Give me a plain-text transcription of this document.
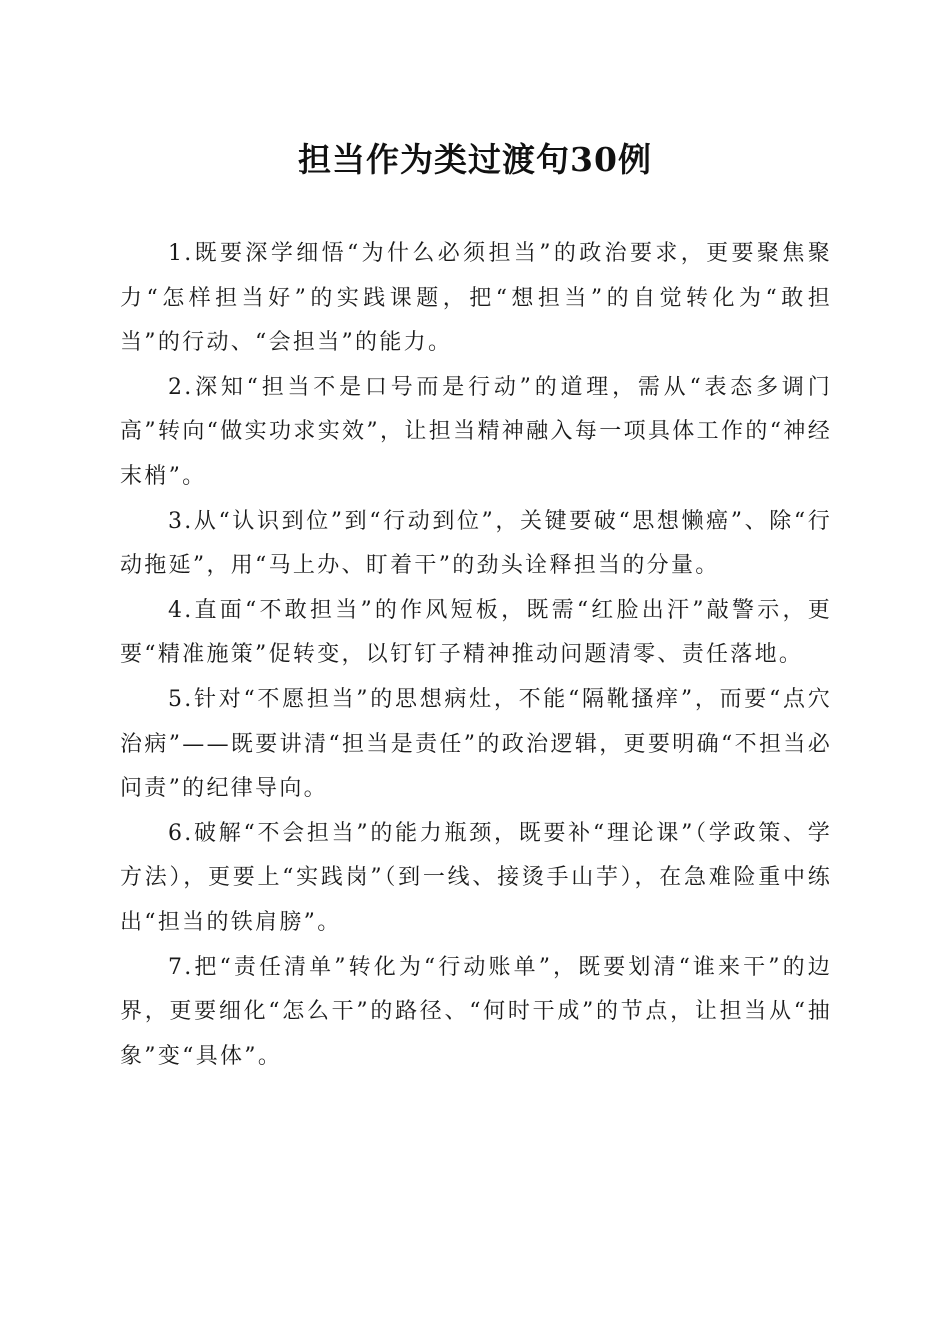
担当作为类过渡句30例

1.既要深学细悟“为什么必须担当”的政治要求，更要聚焦聚力“怎样担当好”的实践课题，把“想担当”的自觉转化为“敢担当”的行动、“会担当”的能力。

2.深知“担当不是口号而是行动”的道理，需从“表态多调门高”转向“做实功求实效”，让担当精神融入每一项具体工作的“神经末梢”。

3.从“认识到位”到“行动到位”，关键要破“思想懒癌”、除“行动拖延”，用“马上办、盯着干”的劲头诠释担当的分量。

4.直面“不敢担当”的作风短板，既需“红脸出汗”敲警示，更要“精准施策”促转变，以钉钉子精神推动问题清零、责任落地。

5.针对“不愿担当”的思想病灶，不能“隔靴搔痒”，而要“点穴治病”——既要讲清“担当是责任”的政治逻辑，更要明确“不担当必问责”的纪律导向。

6.破解“不会担当”的能力瓶颈，既要补“理论课”（学政策、学方法），更要上“实践岗”（到一线、接烫手山芋），在急难险重中练出“担当的铁肩膀”。

7.把“责任清单”转化为“行动账单”，既要划清“谁来干”的边界，更要细化“怎么干”的路径、“何时干成”的节点，让担当从“抽象”变“具体”。
